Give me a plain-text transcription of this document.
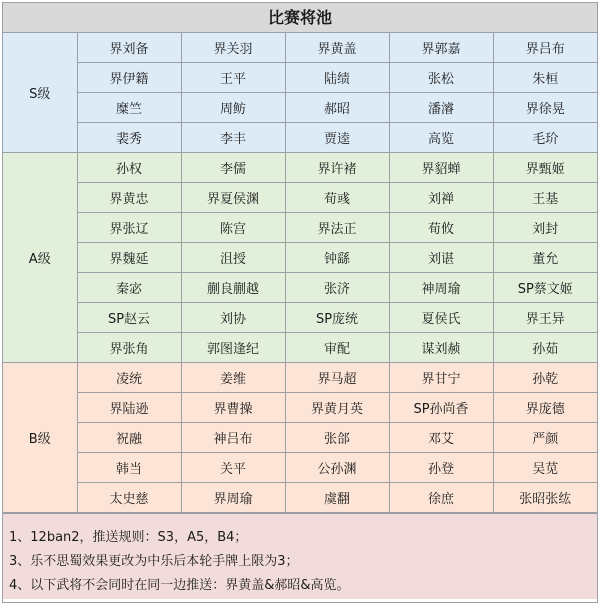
比赛将池
S级	界刘备	界关羽	界黄盖	界郭嘉	界吕布
	界伊籍	王平	陆绩	张松	朱桓
	糜竺	周鲂	郝昭	潘濬	界徐晃
	裴秀	李丰	贾逵	高览	毛玠
A级	孙权	李儒	界许褚	界貂蝉	界甄姬
	界黄忠	界夏侯渊	荀彧	刘禅	王基
	界张辽	陈宫	界法正	荀攸	刘封
	界魏延	沮授	钟繇	刘谌	董允
	秦宓	蒯良蒯越	张济	神周瑜	SP蔡文姬
	SP赵云	刘协	SP庞统	夏侯氏	界王异
	界张角	郭图逢纪	审配	谋刘赪	孙茹
B级	凌统	姜维	界马超	界甘宁	孙乾
	界陆逊	界曹操	界黄月英	SP孙尚香	界庞德
	祝融	神吕布	张郃	邓艾	严颜
	韩当	关平	公孙渊	孙登	吴苋
	太史慈	界周瑜	虞翻	徐庶	张昭张纮
1、12ban2，推送规则：S3，A5，B4；
3、乐不思蜀效果更改为中乐后本轮手牌上限为3；
4、以下武将不会同时在同一边推送：界黄盖&郝昭&高览。
